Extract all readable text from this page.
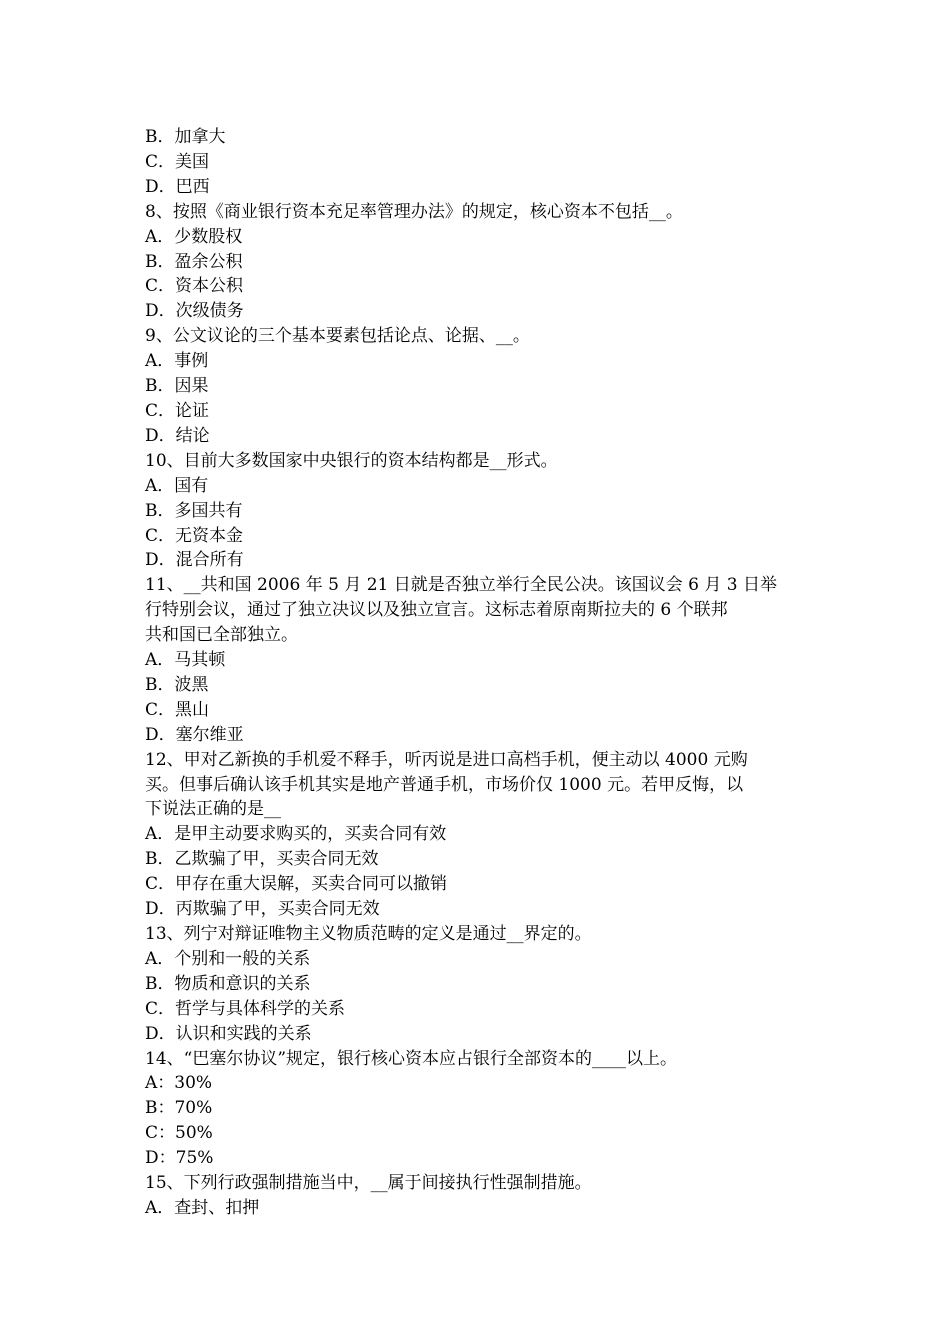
B．加拿大

C．美国

D．巴西

8、按照《商业银行资本充足率管理办法》的规定，核心资本不包括__。

A．少数股权

B．盈余公积

C．资本公积

D．次级债务

9、公文议论的三个基本要素包括论点、论据、__。

A．事例

B．因果

C．论证

D．结论

10、目前大多数国家中央银行的资本结构都是__形式。

A．国有

B．多国共有

C．无资本金

D．混合所有

11、__共和国 2006 年 5 月 21 日就是否独立举行全民公决。该国议会 6 月 3 日举

行特别会议，通过了独立决议以及独立宣言。这标志着原南斯拉夫的 6 个联邦

共和国已全部独立。

A．马其顿

B．波黑

C．黑山

D．塞尔维亚

12、甲对乙新换的手机爱不释手，听丙说是进口高档手机，便主动以 4000 元购

买。但事后确认该手机其实是地产普通手机，市场价仅 1000 元。若甲反悔，以

下说法正确的是__

A．是甲主动要求购买的，买卖合同有效

B．乙欺骗了甲，买卖合同无效

C．甲存在重大误解，买卖合同可以撤销

D．丙欺骗了甲，买卖合同无效

13、列宁对辩证唯物主义物质范畴的定义是通过__界定的。

A．个别和一般的关系

B．物质和意识的关系

C．哲学与具体科学的关系

D．认识和实践的关系

14、“巴塞尔协议”规定，银行核心资本应占银行全部资本的____以上。

A：30%

B：70%

C：50%

D：75%

15、下列行政强制措施当中，__属于间接执行性强制措施。

A．查封、扣押
